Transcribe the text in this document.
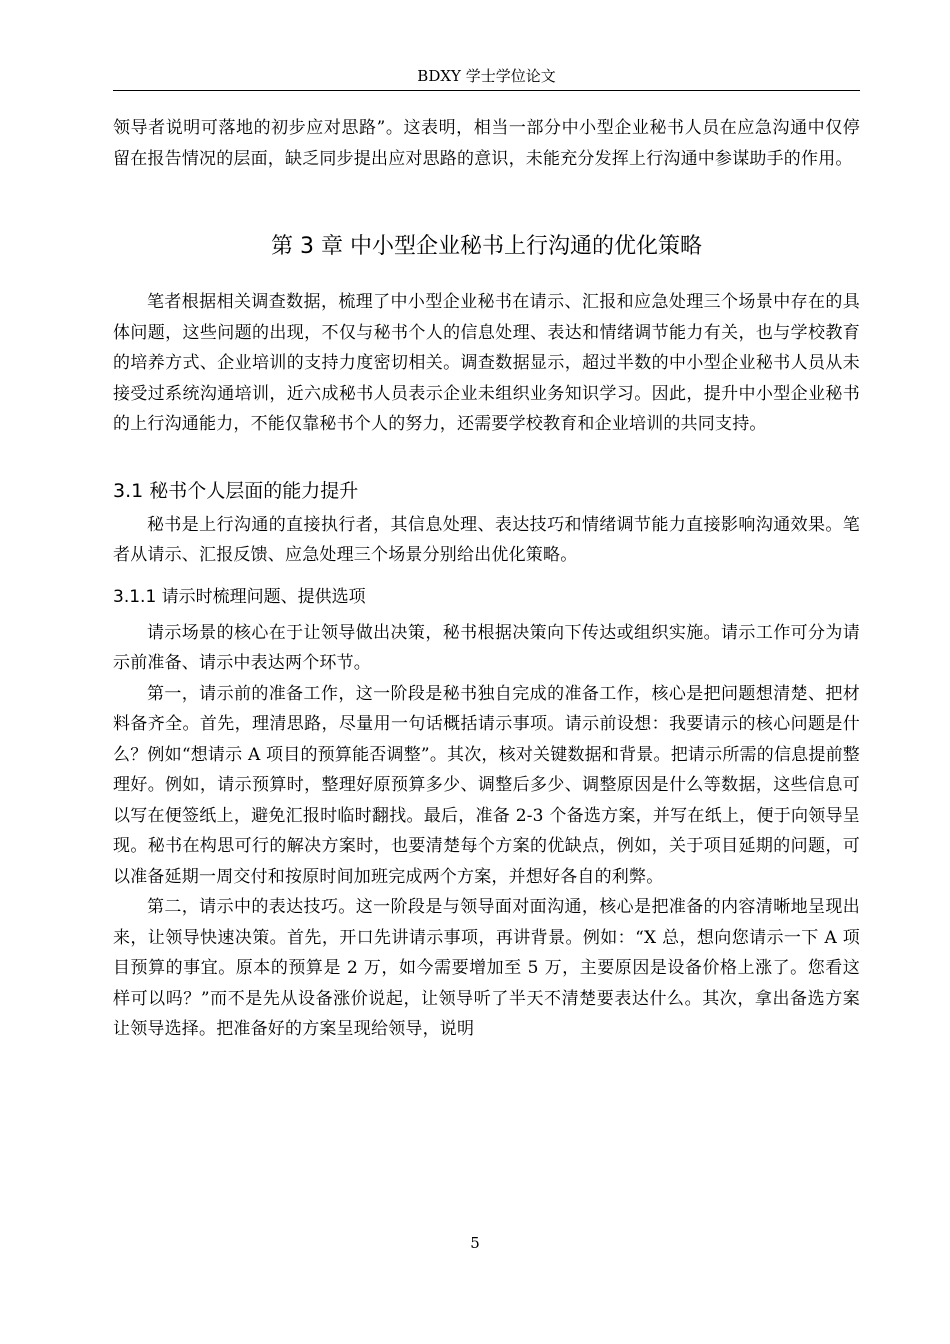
BDXY 学士学位论文

领导者说明可落地的初步应对思路”。这表明，相当一部分中小型企业秘书人员在应急沟通中仅停留在报告情况的层面，缺乏同步提出应对思路的意识，未能充分发挥上行沟通中参谋助手的作用。

第 3 章 中小型企业秘书上行沟通的优化策略

笔者根据相关调查数据，梳理了中小型企业秘书在请示、汇报和应急处理三个场景中存在的具体问题，这些问题的出现，不仅与秘书个人的信息处理、表达和情绪调节能力有关，也与学校教育的培养方式、企业培训的支持力度密切相关。调查数据显示，超过半数的中小型企业秘书人员从未接受过系统沟通培训，近六成秘书人员表示企业未组织业务知识学习。因此，提升中小型企业秘书的上行沟通能力，不能仅靠秘书个人的努力，还需要学校教育和企业培训的共同支持。

3.1 秘书个人层面的能力提升

秘书是上行沟通的直接执行者，其信息处理、表达技巧和情绪调节能力直接影响沟通效果。笔者从请示、汇报反馈、应急处理三个场景分别给出优化策略。

3.1.1 请示时梳理问题、提供选项

请示场景的核心在于让领导做出决策，秘书根据决策向下传达或组织实施。请示工作可分为请示前准备、请示中表达两个环节。

第一，请示前的准备工作，这一阶段是秘书独自完成的准备工作，核心是把问题想清楚、把材料备齐全。首先，理清思路，尽量用一句话概括请示事项。请示前设想：我要请示的核心问题是什么？例如“想请示 A 项目的预算能否调整”。其次，核对关键数据和背景。把请示所需的信息提前整理好。例如，请示预算时，整理好原预算多少、调整后多少、调整原因是什么等数据，这些信息可以写在便签纸上，避免汇报时临时翻找。最后，准备 2-3 个备选方案，并写在纸上，便于向领导呈现。秘书在构思可行的解决方案时，也要清楚每个方案的优缺点，例如，关于项目延期的问题，可以准备延期一周交付和按原时间加班完成两个方案，并想好各自的利弊。

第二，请示中的表达技巧。这一阶段是与领导面对面沟通，核心是把准备的内容清晰地呈现出来，让领导快速决策。首先，开口先讲请示事项，再讲背景。例如：“X 总，想向您请示一下 A 项目预算的事宜。原本的预算是 2 万，如今需要增加至 5 万，主要原因是设备价格上涨了。您看这样可以吗？”而不是先从设备涨价说起，让领导听了半天不清楚要表达什么。其次，拿出备选方案让领导选择。把准备好的方案呈现给领导，说明

5
